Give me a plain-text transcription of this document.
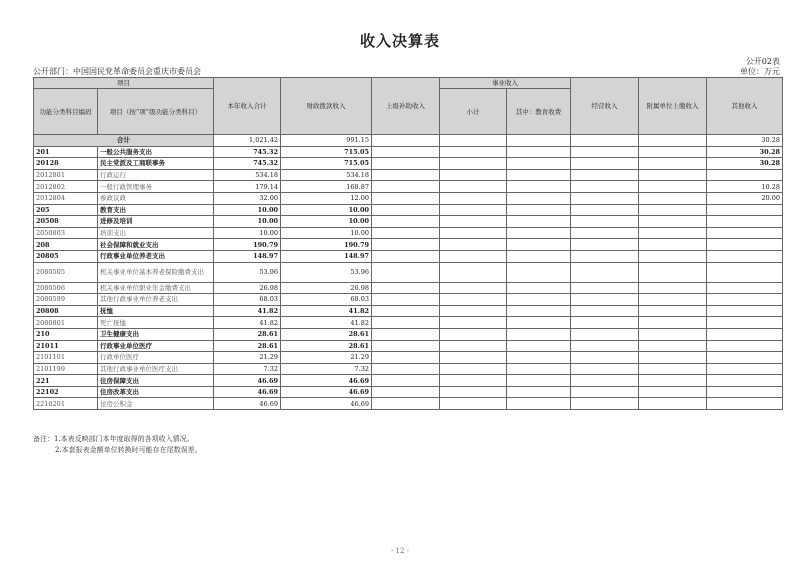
收入决算表
公开02表
公开部门：中国国民党革命委员会重庆市委员会	单位：万元
项目		本年收入合计	财政拨款收入	上级补助收入	事业收入		经营收入	附属单位上缴收入	其他收入
功能分类科目编码	项目（按“项”级功能分类科目）				小计	其中：教育收费			
合计		1,021.42	991.15						30.28
201	一般公共服务支出	745.32	715.05						30.28
20128	民主党派及工商联事务	745.32	715.05						30.28
2012801	行政运行	534.18	534.18						
2012802	一般行政管理事务	179.14	168.87						10.28
2012804	参政议政	32.00	12.00						20.00
205	教育支出	10.00	10.00						
20508	进修及培训	10.00	10.00						
2050803	培训支出	10.00	10.00						
208	社会保障和就业支出	190.79	190.79						
20805	行政事业单位养老支出	148.97	148.97						
2080505	机关事业单位基本养老保险缴费支出	53.96	53.96						
2080506	机关事业单位职业年金缴费支出	26.98	26.98						
2080599	其他行政事业单位养老支出	68.03	68.03						
20808	抚恤	41.82	41.82						
2080801	死亡抚恤	41.82	41.82						
210	卫生健康支出	28.61	28.61						
21011	行政事业单位医疗	28.61	28.61						
2101101	行政单位医疗	21.29	21.29						
2101199	其他行政事业单位医疗支出	7.32	7.32						
221	住房保障支出	46.69	46.69						
22102	住房改革支出	46.69	46.69						
2210201	住房公积金	46.69	46.69						
备注：1.本表反映部门本年度取得的各项收入情况。
2.本套报表金额单位转换时可能存在尾数误差。
- 12 -
